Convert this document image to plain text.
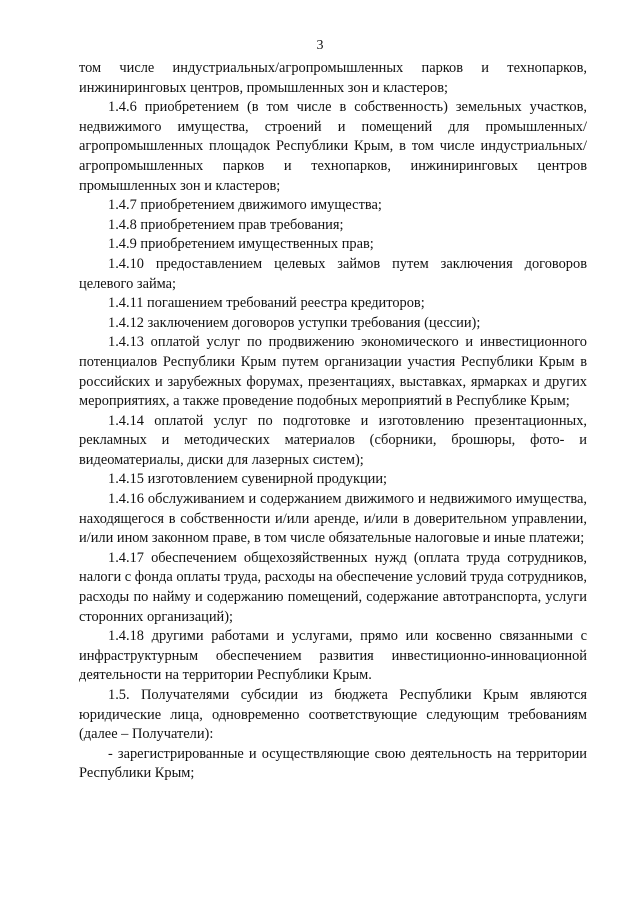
3

том числе индустриальных/агропромышленных парков и технопарков, инжиниринговых центров, промышленных зон и кластеров;

1.4.6 приобретением (в том числе в собственность) земельных участков, недвижимого имущества, строений и помещений для промышленных/агропромышленных площадок Республики Крым, в том числе индустриальных/агропромышленных парков и технопарков, инжиниринговых центров промышленных зон и кластеров;

1.4.7 приобретением движимого имущества;

1.4.8 приобретением прав требования;

1.4.9 приобретением имущественных прав;

1.4.10 предоставлением целевых займов путем заключения договоров целевого займа;

1.4.11 погашением требований реестра кредиторов;

1.4.12 заключением договоров уступки требования (цессии);

1.4.13 оплатой услуг по продвижению экономического и инвестиционного потенциалов Республики Крым путем организации участия Республики Крым в российских и зарубежных форумах, презентациях, выставках, ярмарках и других мероприятиях, а также проведение подобных мероприятий в Республике Крым;

1.4.14 оплатой услуг по подготовке и изготовлению презентационных, рекламных и методических материалов (сборники, брошюры, фото- и видеоматериалы, диски для лазерных систем);

1.4.15 изготовлением сувенирной продукции;

1.4.16 обслуживанием и содержанием движимого и недвижимого имущества, находящегося в собственности и/или аренде, и/или в доверительном управлении, и/или ином законном праве, в том числе обязательные налоговые и иные платежи;

1.4.17 обеспечением общехозяйственных нужд (оплата труда сотрудников, налоги с фонда оплаты труда, расходы на обеспечение условий труда сотрудников, расходы по найму и содержанию помещений, содержание автотранспорта, услуги сторонних организаций);

1.4.18 другими работами и услугами, прямо или косвенно связанными с инфраструктурным обеспечением развития инвестиционно-инновационной деятельности на территории Республики Крым.

1.5. Получателями субсидии из бюджета Республики Крым являются юридические лица, одновременно соответствующие следующим требованиям (далее – Получатели):

- зарегистрированные и осуществляющие свою деятельность на территории Республики Крым;
